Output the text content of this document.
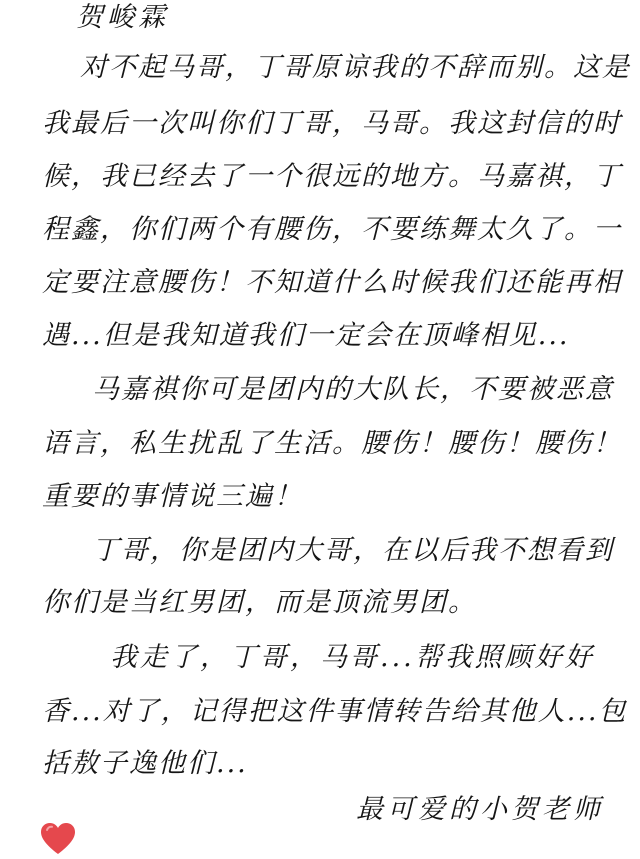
贺峻霖
对不起马哥，丁哥原谅我的不辞而别。这是
我最后一次叫你们丁哥，马哥。我这封信的时
候，我已经去了一个很远的地方。马嘉祺，丁
程鑫，你们两个有腰伤，不要练舞太久了。一
定要注意腰伤！不知道什么时候我们还能再相
遇...但是我知道我们一定会在顶峰相见...
马嘉祺你可是团内的大队长，不要被恶意
语言，私生扰乱了生活。腰伤！腰伤！腰伤！
重要的事情说三遍！
丁哥，你是团内大哥，在以后我不想看到
你们是当红男团，而是顶流男团。
我走了，丁哥，马哥...帮我照顾好好
香...对了，记得把这件事情转告给其他人...包
括敖子逸他们...
最可爱的小贺老师
